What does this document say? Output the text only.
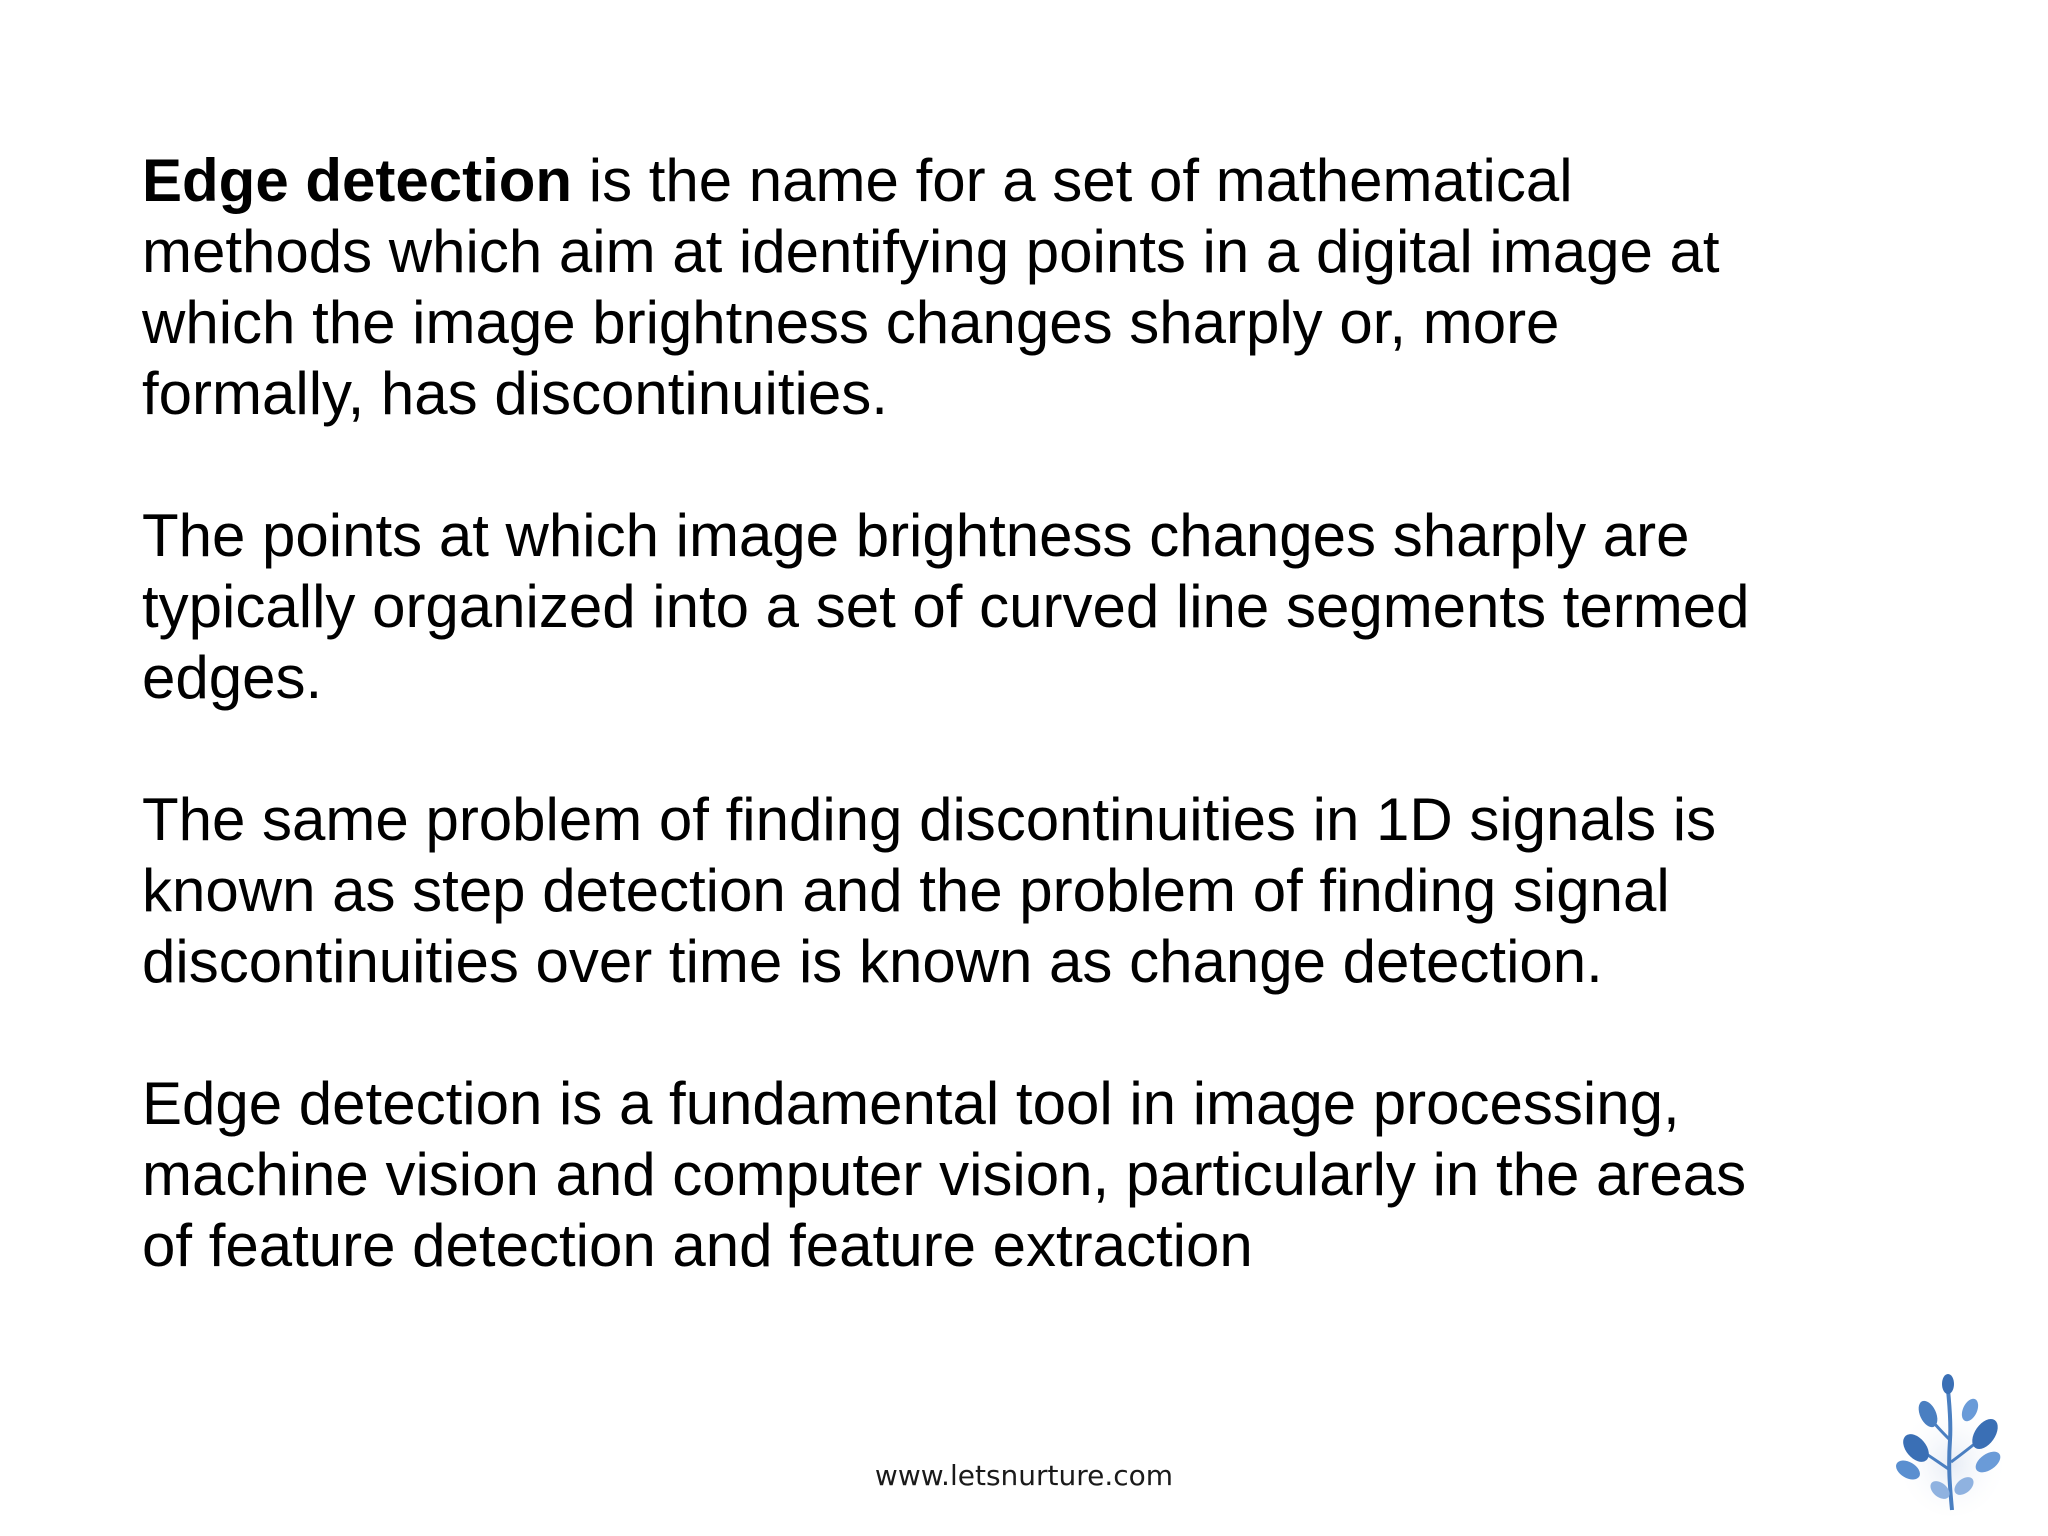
Edge detection is the name for a set of mathematical
methods which aim at identifying points in a digital image at
which the image brightness changes sharply or, more
formally, has discontinuities.

The points at which image brightness changes sharply are
typically organized into a set of curved line segments termed
edges.

The same problem of finding discontinuities in 1D signals is
known as step detection and the problem of finding signal
discontinuities over time is known as change detection.

Edge detection is a fundamental tool in image processing,
machine vision and computer vision, particularly in the areas
of feature detection and feature extraction

www.letsnurture.com
